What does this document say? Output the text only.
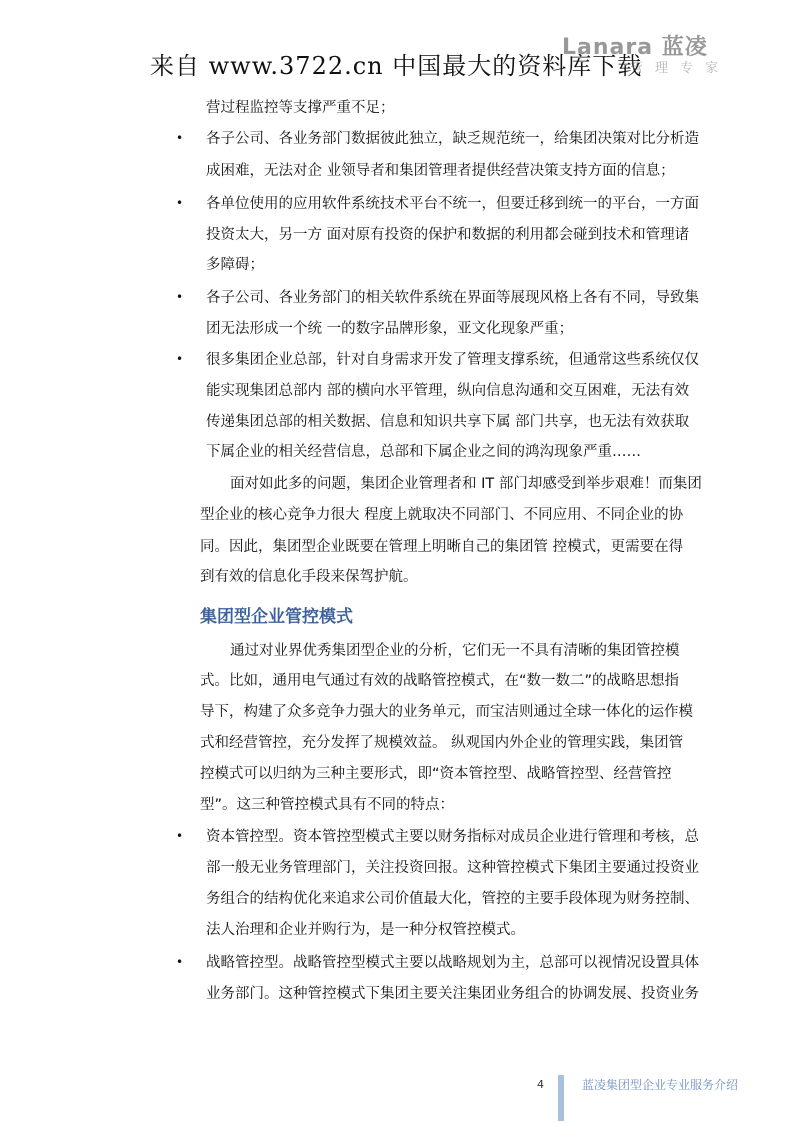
来自 www.3722.cn 中国最大的资料库下载
Lanara 蓝凌
管理专家
•
•
•
•
•
•
营过程监控等支撑严重不足；
各子公司、各业务部门数据彼此独立，缺乏规范统一，给集团决策对比分析造
成困难，无法对企 业领导者和集团管理者提供经营决策支持方面的信息；
各单位使用的应用软件系统技术平台不统一，但要迁移到统一的平台，一方面
投资太大，另一方 面对原有投资的保护和数据的利用都会碰到技术和管理诸
多障碍；
各子公司、各业务部门的相关软件系统在界面等展现风格上各有不同，导致集
团无法形成一个统 一的数字品牌形象，亚文化现象严重；
很多集团企业总部，针对自身需求开发了管理支撑系统，但通常这些系统仅仅
能实现集团总部内 部的横向水平管理，纵向信息沟通和交互困难，无法有效
传递集团总部的相关数据、信息和知识共享下属 部门共享，也无法有效获取
下属企业的相关经营信息，总部和下属企业之间的鸿沟现象严重……
面对如此多的问题，集团企业管理者和 IT 部门却感受到举步艰难！而集团
型企业的核心竞争力很大 程度上就取决不同部门、不同应用、不同企业的协
同。因此，集团型企业既要在管理上明晰自己的集团管 控模式，更需要在得
到有效的信息化手段来保驾护航。
集团型企业管控模式
通过对业界优秀集团型企业的分析，它们无一不具有清晰的集团管控模
式。比如，通用电气通过有效的战略管控模式，在“数一数二”的战略思想指
导下，构建了众多竞争力强大的业务单元，而宝洁则通过全球一体化的运作模
式和经营管控，充分发挥了规模效益。 纵观国内外企业的管理实践，集团管
控模式可以归纳为三种主要形式，即“资本管控型、战略管控型、经营管控
型”。这三种管控模式具有不同的特点：
资本管控型。资本管控型模式主要以财务指标对成员企业进行管理和考核，总
部一般无业务管理部门，关注投资回报。这种管控模式下集团主要通过投资业
务组合的结构优化来追求公司价值最大化，管控的主要手段体现为财务控制、
法人治理和企业并购行为，是一种分权管控模式。
战略管控型。战略管控型模式主要以战略规划为主，总部可以视情况设置具体
业务部门。这种管控模式下集团主要关注集团业务组合的协调发展、投资业务
4	蓝凌集团型企业专业服务介绍
